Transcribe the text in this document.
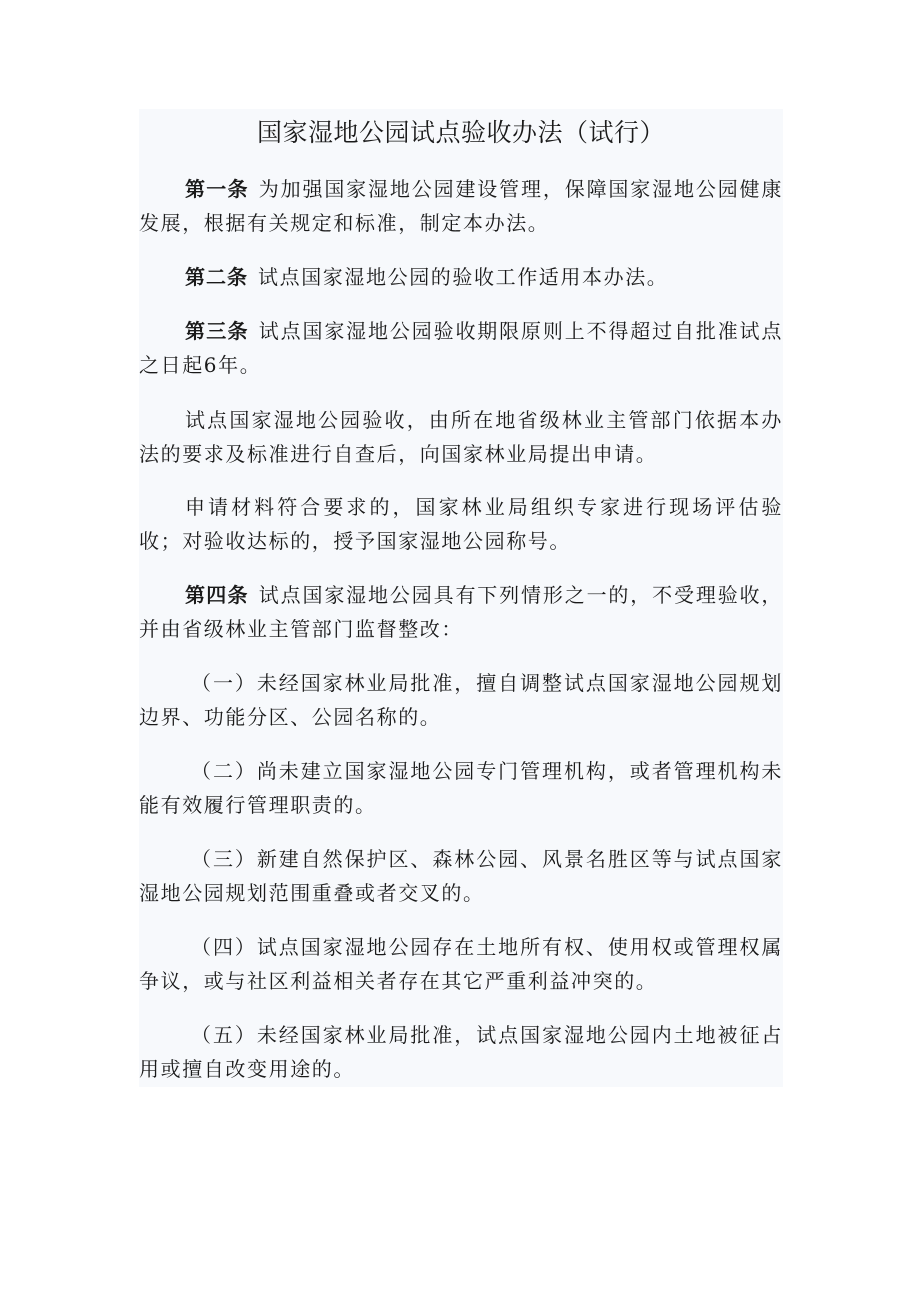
国家湿地公园试点验收办法（试行）

第一条 为加强国家湿地公园建设管理，保障国家湿地公园健康发展，根据有关规定和标准，制定本办法。

第二条 试点国家湿地公园的验收工作适用本办法。

第三条 试点国家湿地公园验收期限原则上不得超过自批准试点之日起6年。

试点国家湿地公园验收，由所在地省级林业主管部门依据本办法的要求及标准进行自查后，向国家林业局提出申请。

申请材料符合要求的，国家林业局组织专家进行现场评估验收；对验收达标的，授予国家湿地公园称号。

第四条 试点国家湿地公园具有下列情形之一的，不受理验收，并由省级林业主管部门监督整改：

（一）未经国家林业局批准，擅自调整试点国家湿地公园规划边界、功能分区、公园名称的。

（二）尚未建立国家湿地公园专门管理机构，或者管理机构未能有效履行管理职责的。

（三）新建自然保护区、森林公园、风景名胜区等与试点国家湿地公园规划范围重叠或者交叉的。

（四）试点国家湿地公园存在土地所有权、使用权或管理权属争议，或与社区利益相关者存在其它严重利益冲突的。

（五）未经国家林业局批准，试点国家湿地公园内土地被征占用或擅自改变用途的。
